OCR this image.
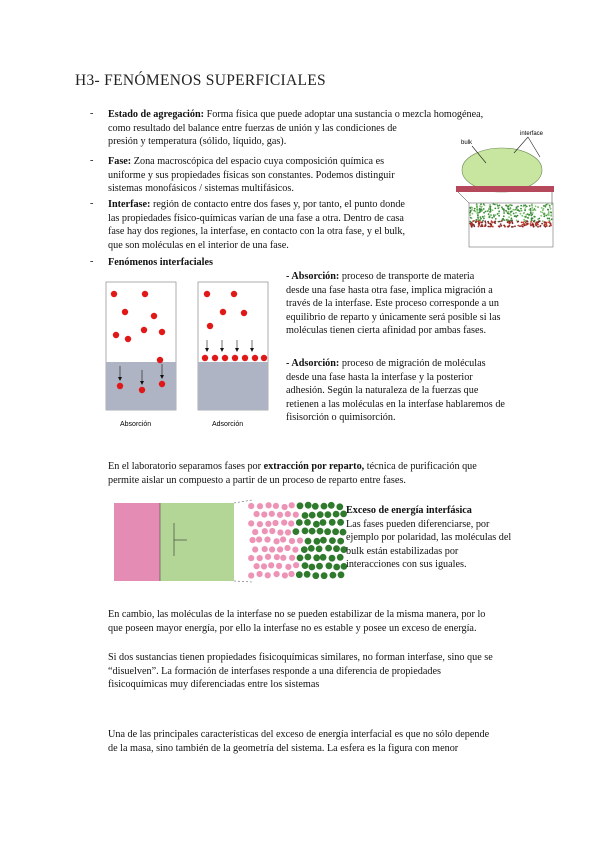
H3- FENÓMENOS SUPERFICIALES
- Estado de agregación: Forma física que puede adoptar una sustancia o mezcla homogénea,
como resultado del balance entre fuerzas de unión y las condiciones de
presión y temperatura (sólido, líquido, gas).
- Fase: Zona macroscópica del espacio cuya composición química es
uniforme y sus propiedades físicas son constantes. Podemos distinguir
sistemas monofásicos / sistemas multifásicos.
- Interfase: región de contacto entre dos fases y, por tanto, el punto donde
las propiedades físico-químicas varían de una fase a otra. Dentro de casa
fase hay dos regiones, la interfase, en contacto con la otra fase, y el bulk,
que son moléculas en el interior de una fase.
- Fenómenos interfaciales
bulk
interface
Absorción	Adsorción
- Absorción: proceso de transporte de materia
desde una fase hasta otra fase, implica migración a
través de la interfase. Este proceso corresponde a un
equilibrio de reparto y únicamente será posible si las
moléculas tienen cierta afinidad por ambas fases.
- Adsorción: proceso de migración de moléculas
desde una fase hasta la interfase y la posterior
adhesión. Según la naturaleza de la fuerzas que
retienen a las moléculas en la interfase hablaremos de
fisisorción o quimisorción.
En el laboratorio separamos fases por extracción por reparto, técnica de purificación que
permite aislar un compuesto a partir de un proceso de reparto entre fases.
Exceso de energía interfásica
Las fases pueden diferenciarse, por
ejemplo por polaridad, las moléculas del
bulk están estabilizadas por
interacciones con sus iguales.
En cambio, las moléculas de la interfase no se pueden estabilizar de la misma manera, por lo
que poseen mayor energía, por ello la interfase no es estable y posee un exceso de energía.
Si dos sustancias tienen propiedades fisicoquímicas similares, no forman interfase, sino que se
“disuelven”. La formación de interfases responde a una diferencia de propiedades
fisicoquímicas muy diferenciadas entre los sistemas
Una de las principales características del exceso de energía interfacial es que no sólo depende
de la masa, sino también de la geometría del sistema. La esfera es la figura con menor
